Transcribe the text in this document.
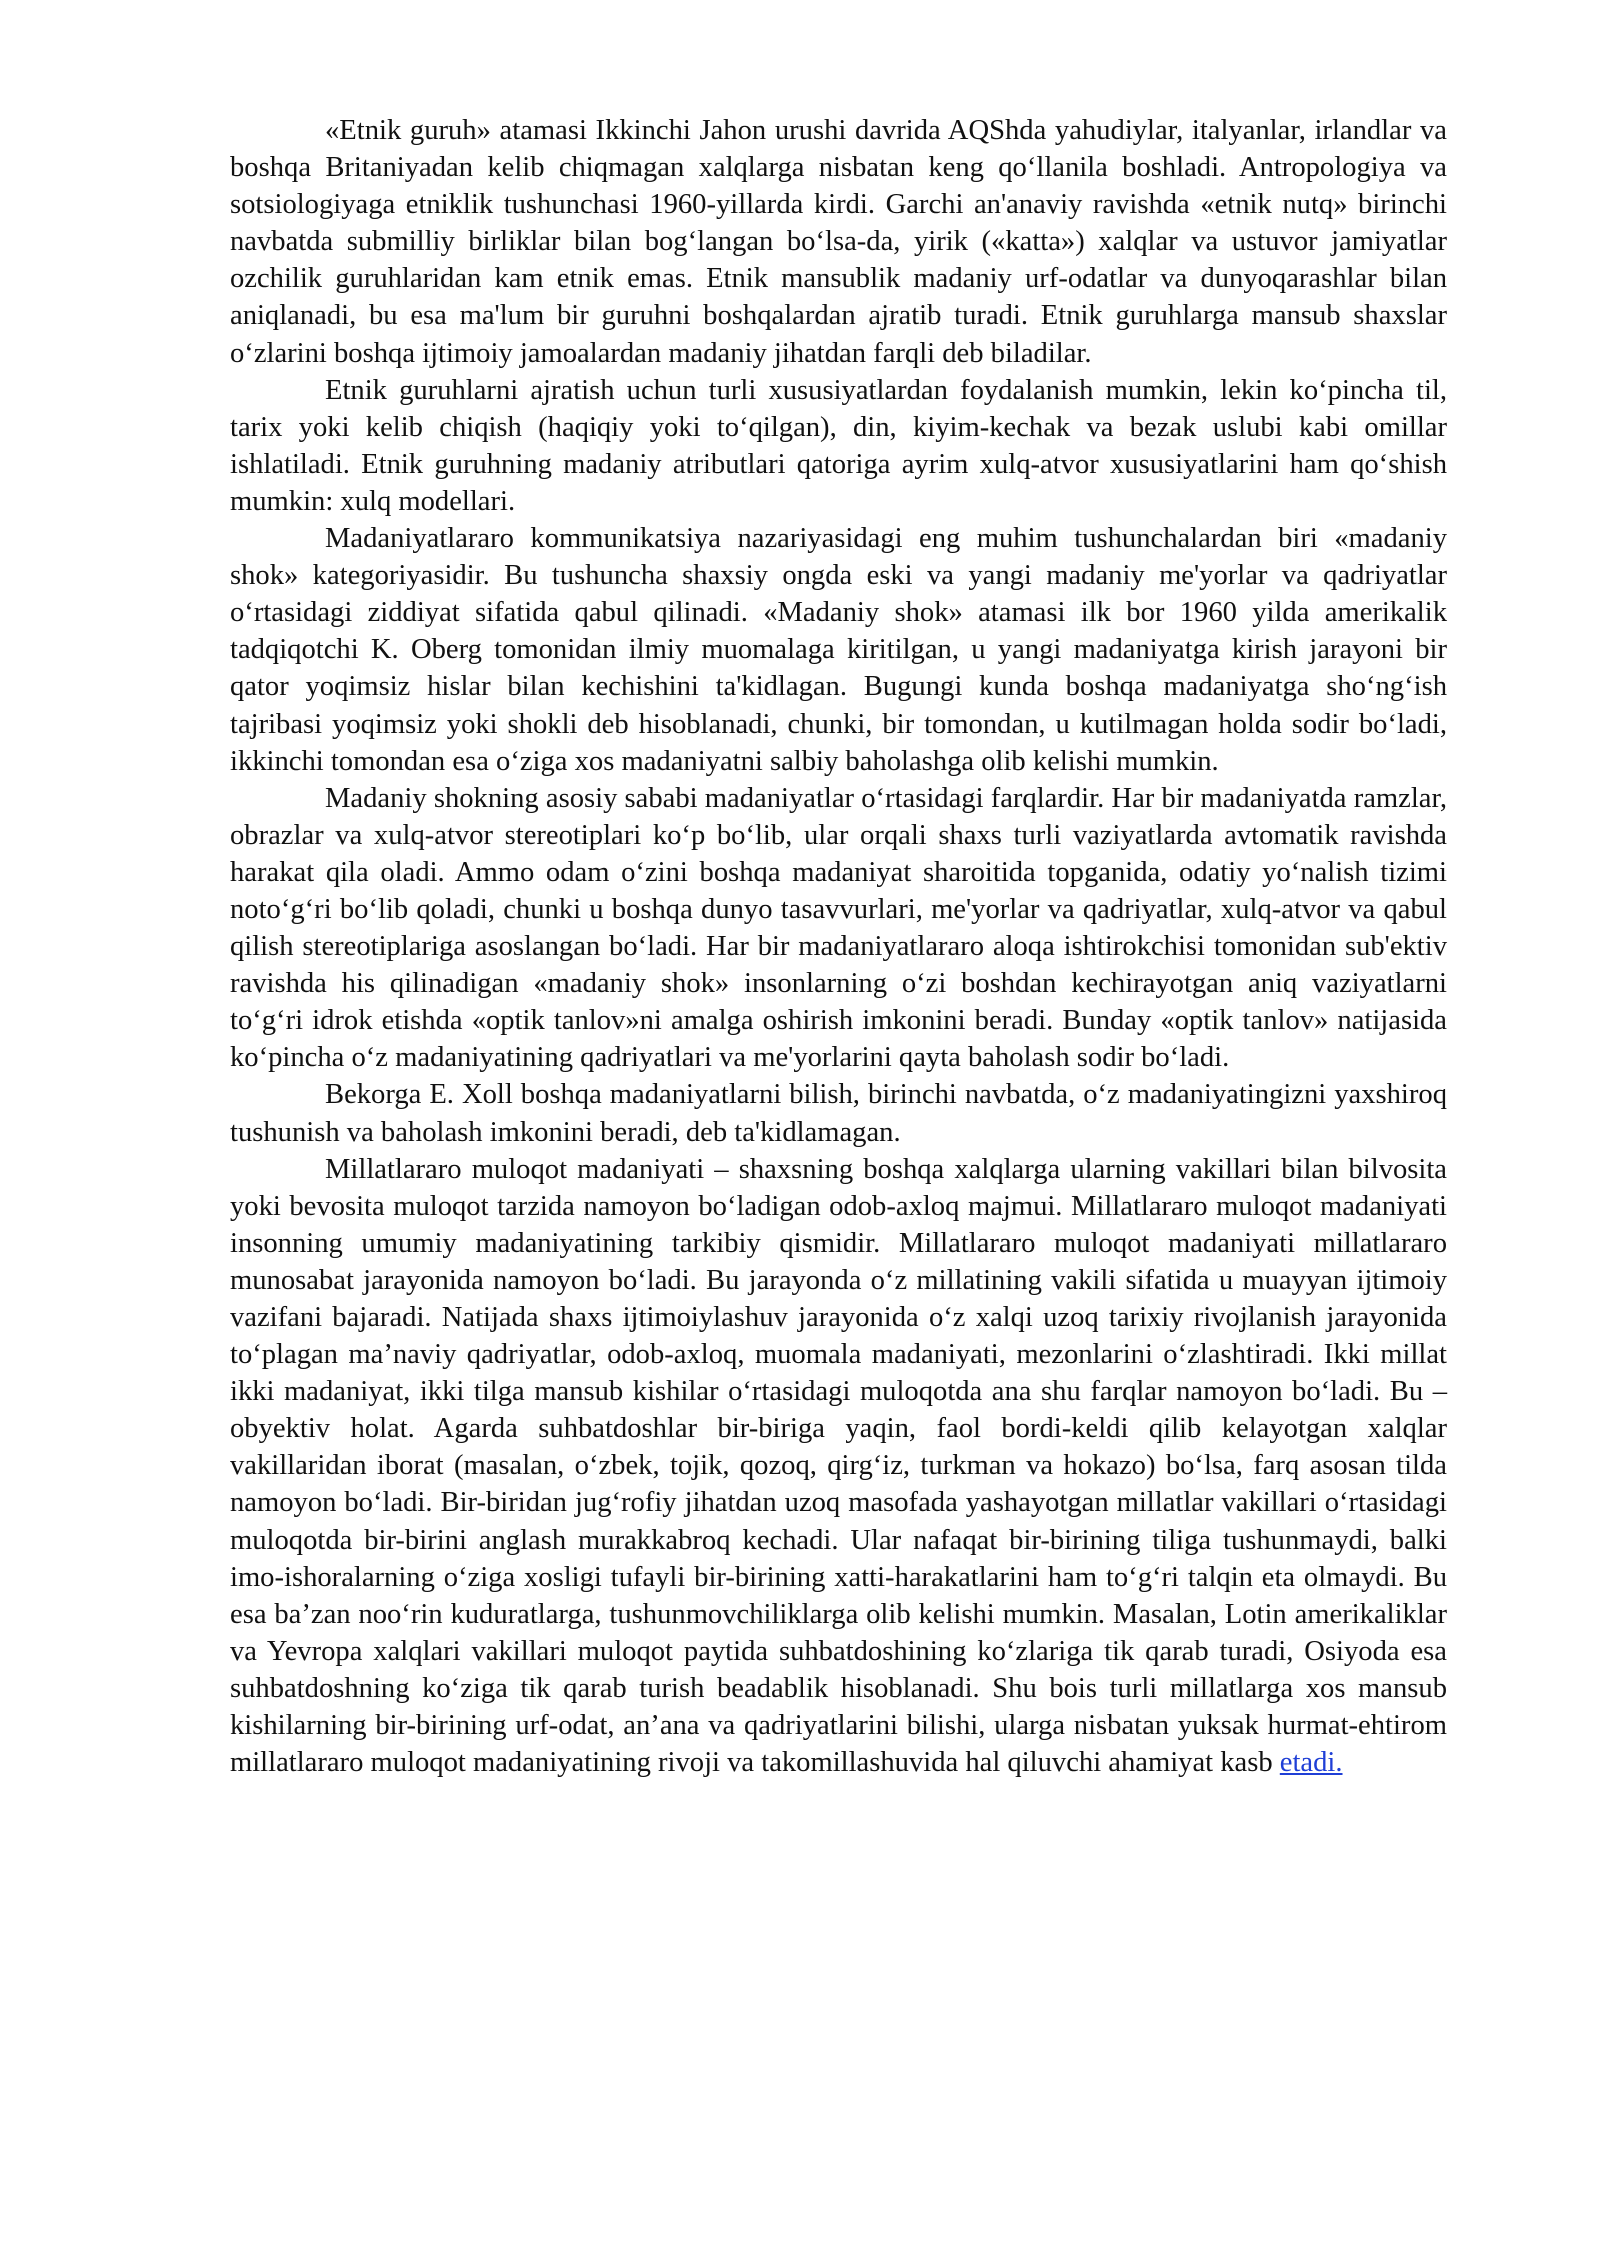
«Etnik guruh» atamasi Ikkinchi Jahon urushi davrida AQShda yahudiylar, italyanlar, irlandlar va boshqa Britaniyadan kelib chiqmagan xalqlarga nisbatan keng qo‘llanila boshladi. Antropologiya va sotsiologiyaga etniklik tushunchasi 1960-yillarda kirdi. Garchi an'anaviy ravishda «etnik nutq» birinchi navbatda submilliy birliklar bilan bog‘langan bo‘lsa-da, yirik («katta») xalqlar va ustuvor jamiyatlar ozchilik guruhlaridan kam etnik emas. Etnik mansublik madaniy urf-odatlar va dunyoqarashlar bilan aniqlanadi, bu esa ma'lum bir guruhni boshqalardan ajratib turadi. Etnik guruhlarga mansub shaxslar o‘zlarini boshqa ijtimoiy jamoalardan madaniy jihatdan farqli deb biladilar.

Etnik guruhlarni ajratish uchun turli xususiyatlardan foydalanish mumkin, lekin ko‘pincha til, tarix yoki kelib chiqish (haqiqiy yoki to‘qilgan), din, kiyim-kechak va bezak uslubi kabi omillar ishlatiladi. Etnik guruhning madaniy atributlari qatoriga ayrim xulq-atvor xususiyatlarini ham qo‘shish mumkin: xulq modellari.

Madaniyatlararo kommunikatsiya nazariyasidagi eng muhim tushunchalardan biri «madaniy shok» kategoriyasidir. Bu tushuncha shaxsiy ongda eski va yangi madaniy me'yorlar va qadriyatlar o‘rtasidagi ziddiyat sifatida qabul qilinadi. «Madaniy shok» atamasi ilk bor 1960 yilda amerikalik tadqiqotchi K. Oberg tomonidan ilmiy muomalaga kiritilgan, u yangi madaniyatga kirish jarayoni bir qator yoqimsiz hislar bilan kechishini ta'kidlagan. Bugungi kunda boshqa madaniyatga sho‘ng‘ish tajribasi yoqimsiz yoki shokli deb hisoblanadi, chunki, bir tomondan, u kutilmagan holda sodir bo‘ladi, ikkinchi tomondan esa o‘ziga xos madaniyatni salbiy baholashga olib kelishi mumkin.

Madaniy shokning asosiy sababi madaniyatlar o‘rtasidagi farqlardir. Har bir madaniyatda ramzlar, obrazlar va xulq-atvor stereotiplari ko‘p bo‘lib, ular orqali shaxs turli vaziyatlarda avtomatik ravishda harakat qila oladi. Ammo odam o‘zini boshqa madaniyat sharoitida topganida, odatiy yo‘nalish tizimi noto‘g‘ri bo‘lib qoladi, chunki u boshqa dunyo tasavvurlari, me'yorlar va qadriyatlar, xulq-atvor va qabul qilish stereotiplariga asoslangan bo‘ladi. Har bir madaniyatlararo aloqa ishtirokchisi tomonidan sub'ektiv ravishda his qilinadigan «madaniy shok» insonlarning o‘zi boshdan kechirayotgan aniq vaziyatlarni to‘g‘ri idrok etishda «optik tanlov»ni amalga oshirish imkonini beradi. Bunday «optik tanlov» natijasida ko‘pincha o‘z madaniyatining qadriyatlari va me'yorlarini qayta baholash sodir bo‘ladi.

Bekorga E. Xoll boshqa madaniyatlarni bilish, birinchi navbatda, o‘z madaniyatingizni yaxshiroq tushunish va baholash imkonini beradi, deb ta'kidlamagan.

Millatlararo muloqot madaniyati – shaxsning boshqa xalqlarga ularning vakillari bilan bilvosita yoki bevosita muloqot tarzida namoyon bo‘ladigan odob-axloq majmui. Millatlararo muloqot madaniyati insonning umumiy madaniyatining tarkibiy qismidir. Millatlararo muloqot madaniyati millatlararo munosabat jarayonida namoyon bo‘ladi. Bu jarayonda o‘z millatining vakili sifatida u muayyan ijtimoiy vazifani bajaradi. Natijada shaxs ijtimoiylashuv jarayonida o‘z xalqi uzoq tarixiy rivojlanish jarayonida to‘plagan ma’naviy qadriyatlar, odob-axloq, muomala madaniyati, mezonlarini o‘zlashtiradi. Ikki millat ikki madaniyat, ikki tilga mansub kishilar o‘rtasidagi muloqotda ana shu farqlar namoyon bo‘ladi. Bu – obyektiv holat. Agarda suhbatdoshlar bir-biriga yaqin, faol bordi-keldi qilib kelayotgan xalqlar vakillaridan iborat (masalan, o‘zbek, tojik, qozoq, qirg‘iz, turkman va hokazo) bo‘lsa, farq asosan tilda namoyon bo‘ladi. Bir-biridan jug‘rofiy jihatdan uzoq masofada yashayotgan millatlar vakillari o‘rtasidagi muloqotda bir-birini anglash murakkabroq kechadi. Ular nafaqat bir-birining tiliga tushunmaydi, balki imo-ishoralarning o‘ziga xosligi tufayli bir-birining xatti-harakatlarini ham to‘g‘ri talqin eta olmaydi. Bu esa ba’zan noo‘rin kuduratlarga, tushunmovchiliklarga olib kelishi mumkin. Masalan, Lotin amerikaliklar va Yevropa xalqlari vakillari muloqot paytida suhbatdoshining ko‘zlariga tik qarab turadi, Osiyoda esa suhbatdoshning ko‘ziga tik qarab turish beadablik hisoblanadi. Shu bois turli millatlarga xos mansub kishilarning bir-birining urf-odat, an’ana va qadriyatlarini bilishi, ularga nisbatan yuksak hurmat-ehtirom millatlararo muloqot madaniyatining rivoji va takomillashuvida hal qiluvchi ahamiyat kasb etadi.
